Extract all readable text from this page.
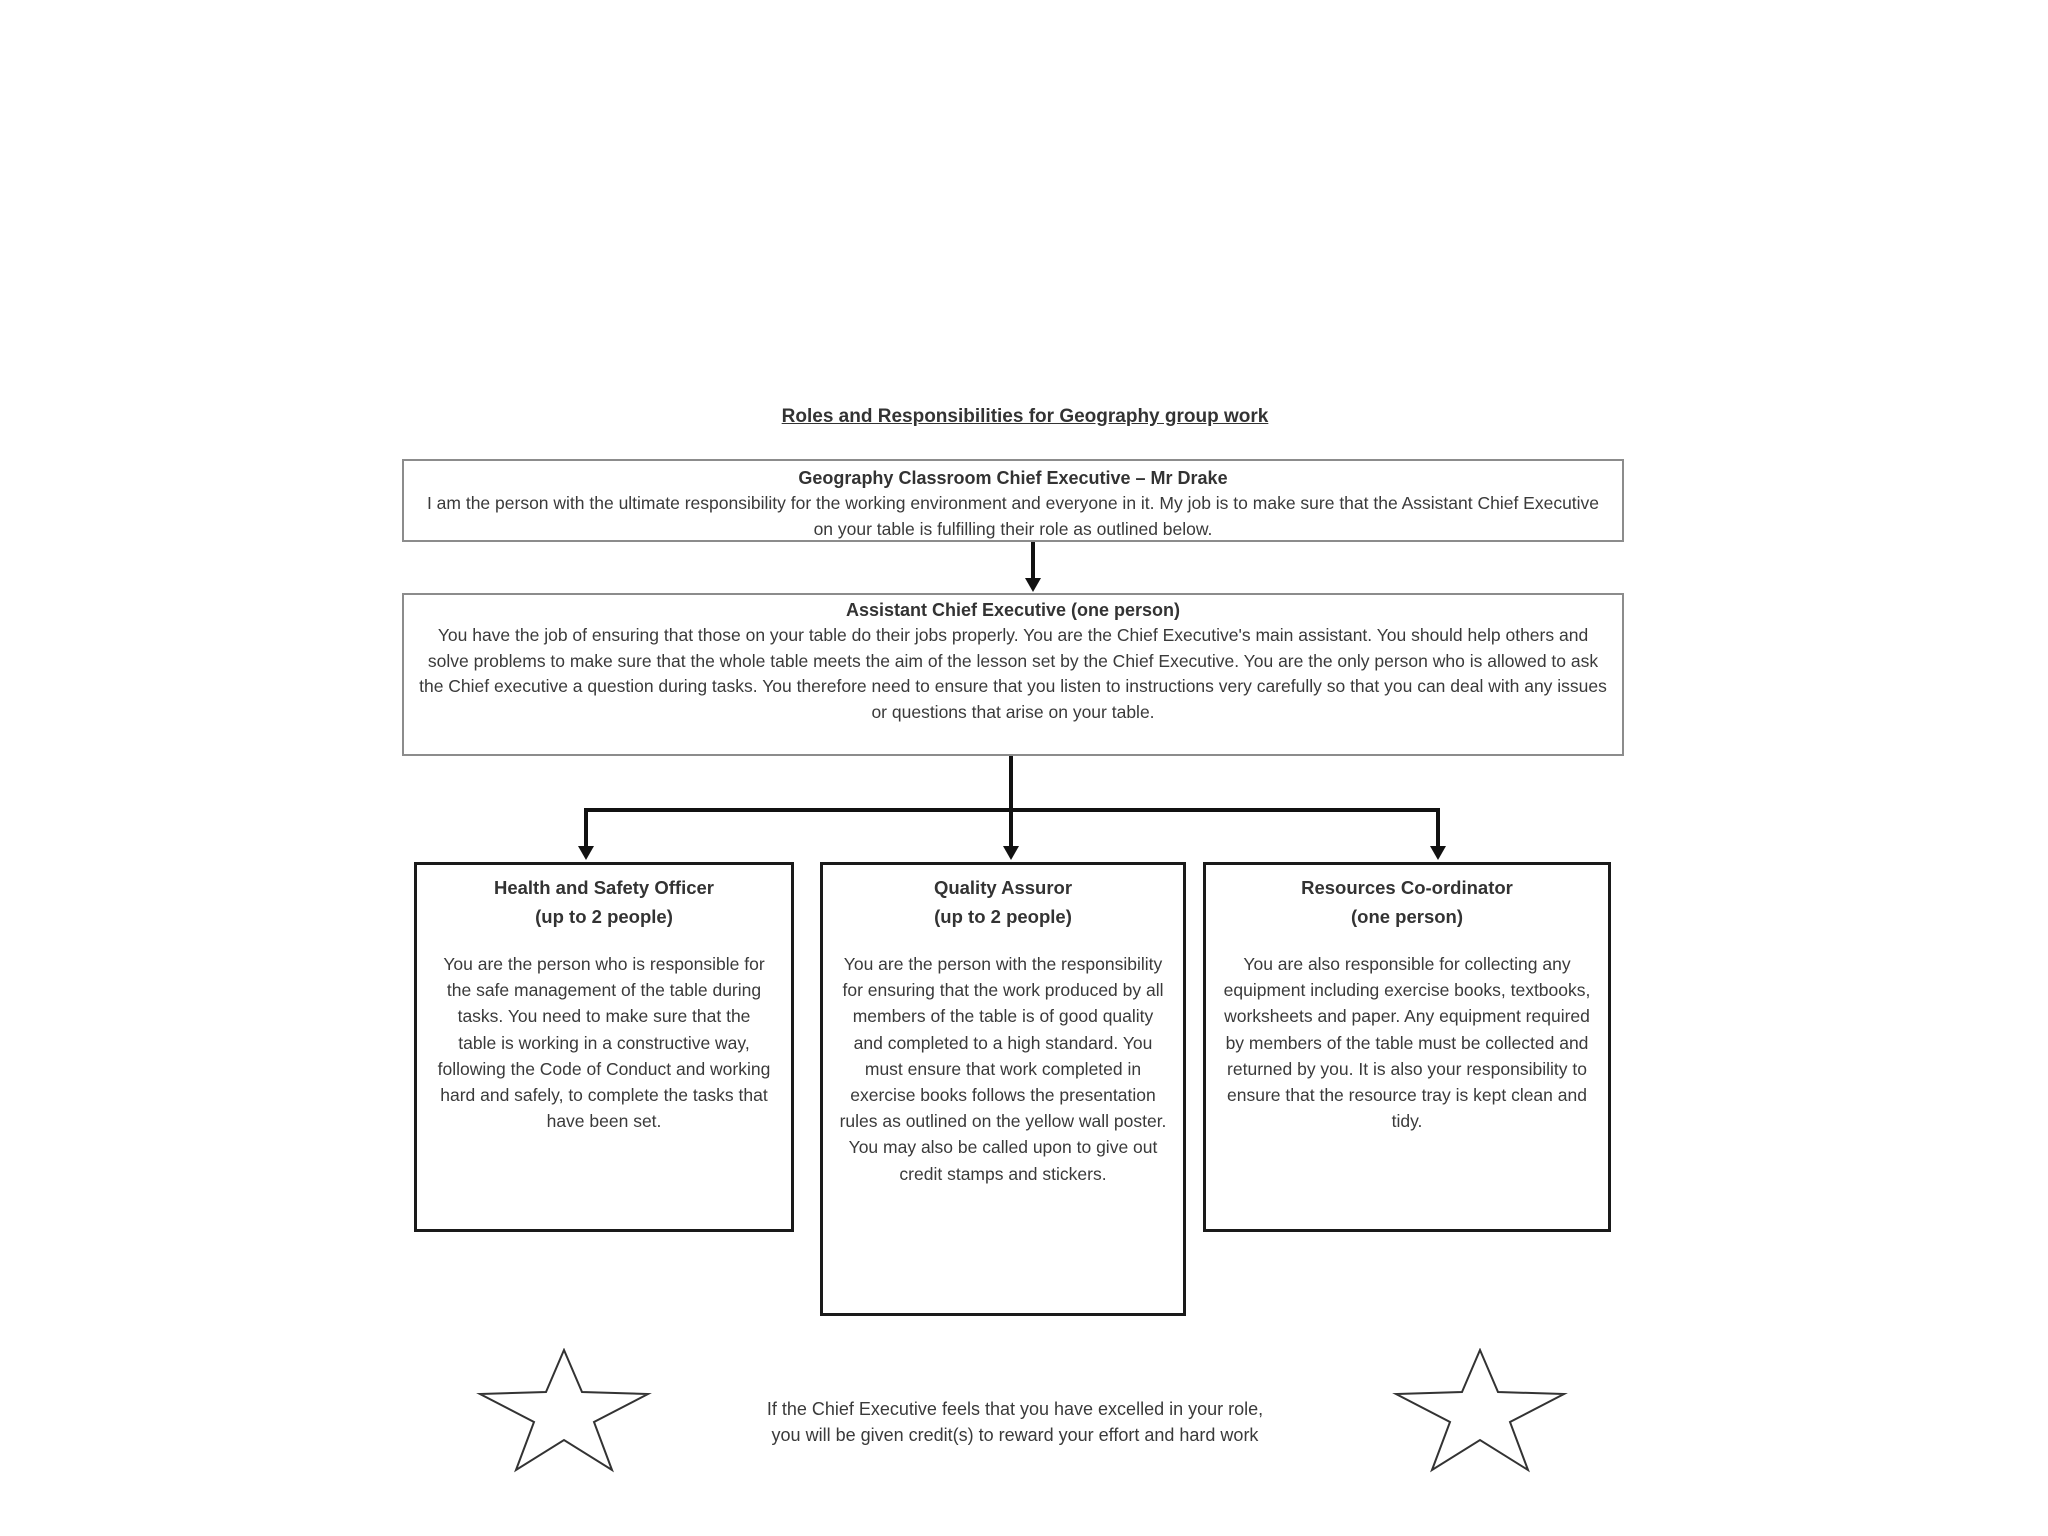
Roles and Responsibilities for Geography group work
Geography Classroom Chief Executive – Mr Drake
I am the person with the ultimate responsibility for the working environment and everyone in it. My job is to make sure that the Assistant Chief Executive on your table is fulfilling their role as outlined below.
Assistant Chief Executive (one person)
You have the job of ensuring that those on your table do their jobs properly. You are the Chief Executive's main assistant. You should help others and solve problems to make sure that the whole table meets the aim of the lesson set by the Chief Executive. You are the only person who is allowed to ask the Chief executive a question during tasks. You therefore need to ensure that you listen to instructions very carefully so that you can deal with any issues or questions that arise on your table.
Health and Safety Officer
(up to 2 people)
You are the person who is responsible for the safe management of the table during tasks. You need to make sure that the table is working in a constructive way, following the Code of Conduct and working hard and safely, to complete the tasks that have been set.
Quality Assuror
(up to 2 people)
You are the person with the responsibility for ensuring that the work produced by all members of the table is of good quality and completed to a high standard. You must ensure that work completed in exercise books follows the presentation rules as outlined on the yellow wall poster. You may also be called upon to give out credit stamps and stickers.
Resources Co-ordinator
(one person)
You are also responsible for collecting any equipment including exercise books, textbooks, worksheets and paper. Any equipment required by members of the table must be collected and returned by you. It is also your responsibility to ensure that the resource tray is kept clean and tidy.
If the Chief Executive feels that you have excelled in your role,
you will be given credit(s) to reward your effort and hard work
